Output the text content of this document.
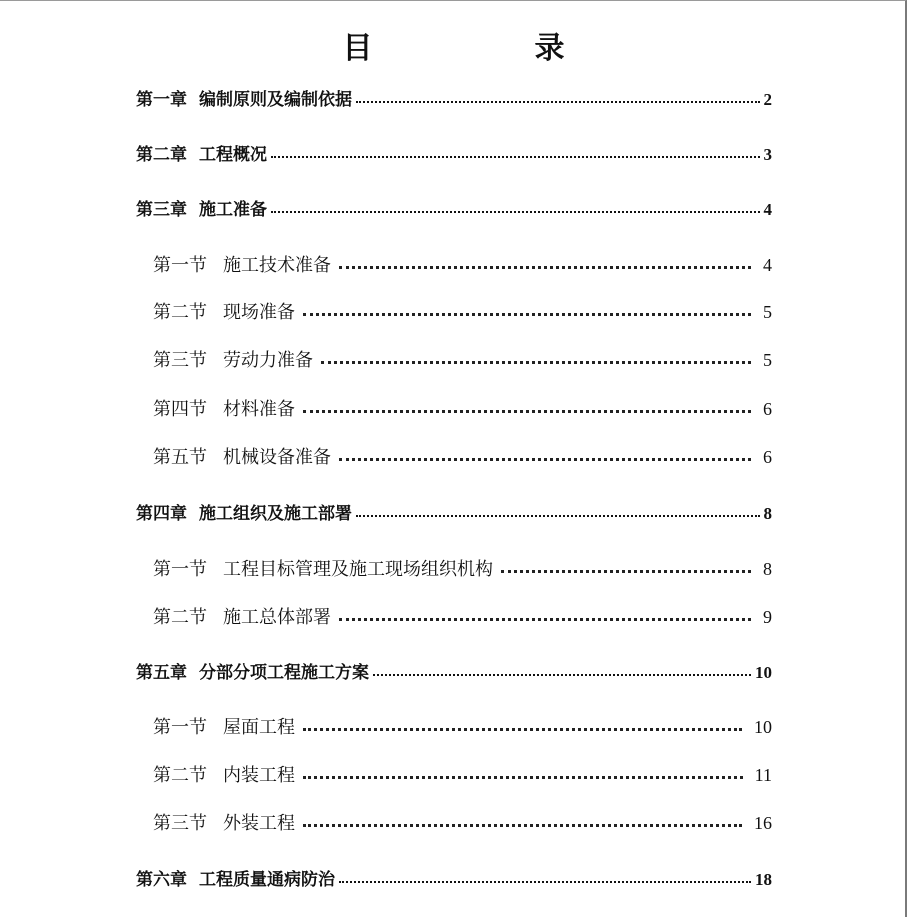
目　录
第一章 编制原则及编制依据	2
第二章 工程概况	3
第三章 施工准备	4
第一节 施工技术准备	4
第二节 现场准备	5
第三节 劳动力准备	5
第四节 材料准备	6
第五节 机械设备准备	6
第四章 施工组织及施工部署	8
第一节 工程目标管理及施工现场组织机构	8
第二节 施工总体部署	9
第五章 分部分项工程施工方案	10
第一节 屋面工程	10
第二节 内装工程	11
第三节 外装工程	16
第六章 工程质量通病防治	18
